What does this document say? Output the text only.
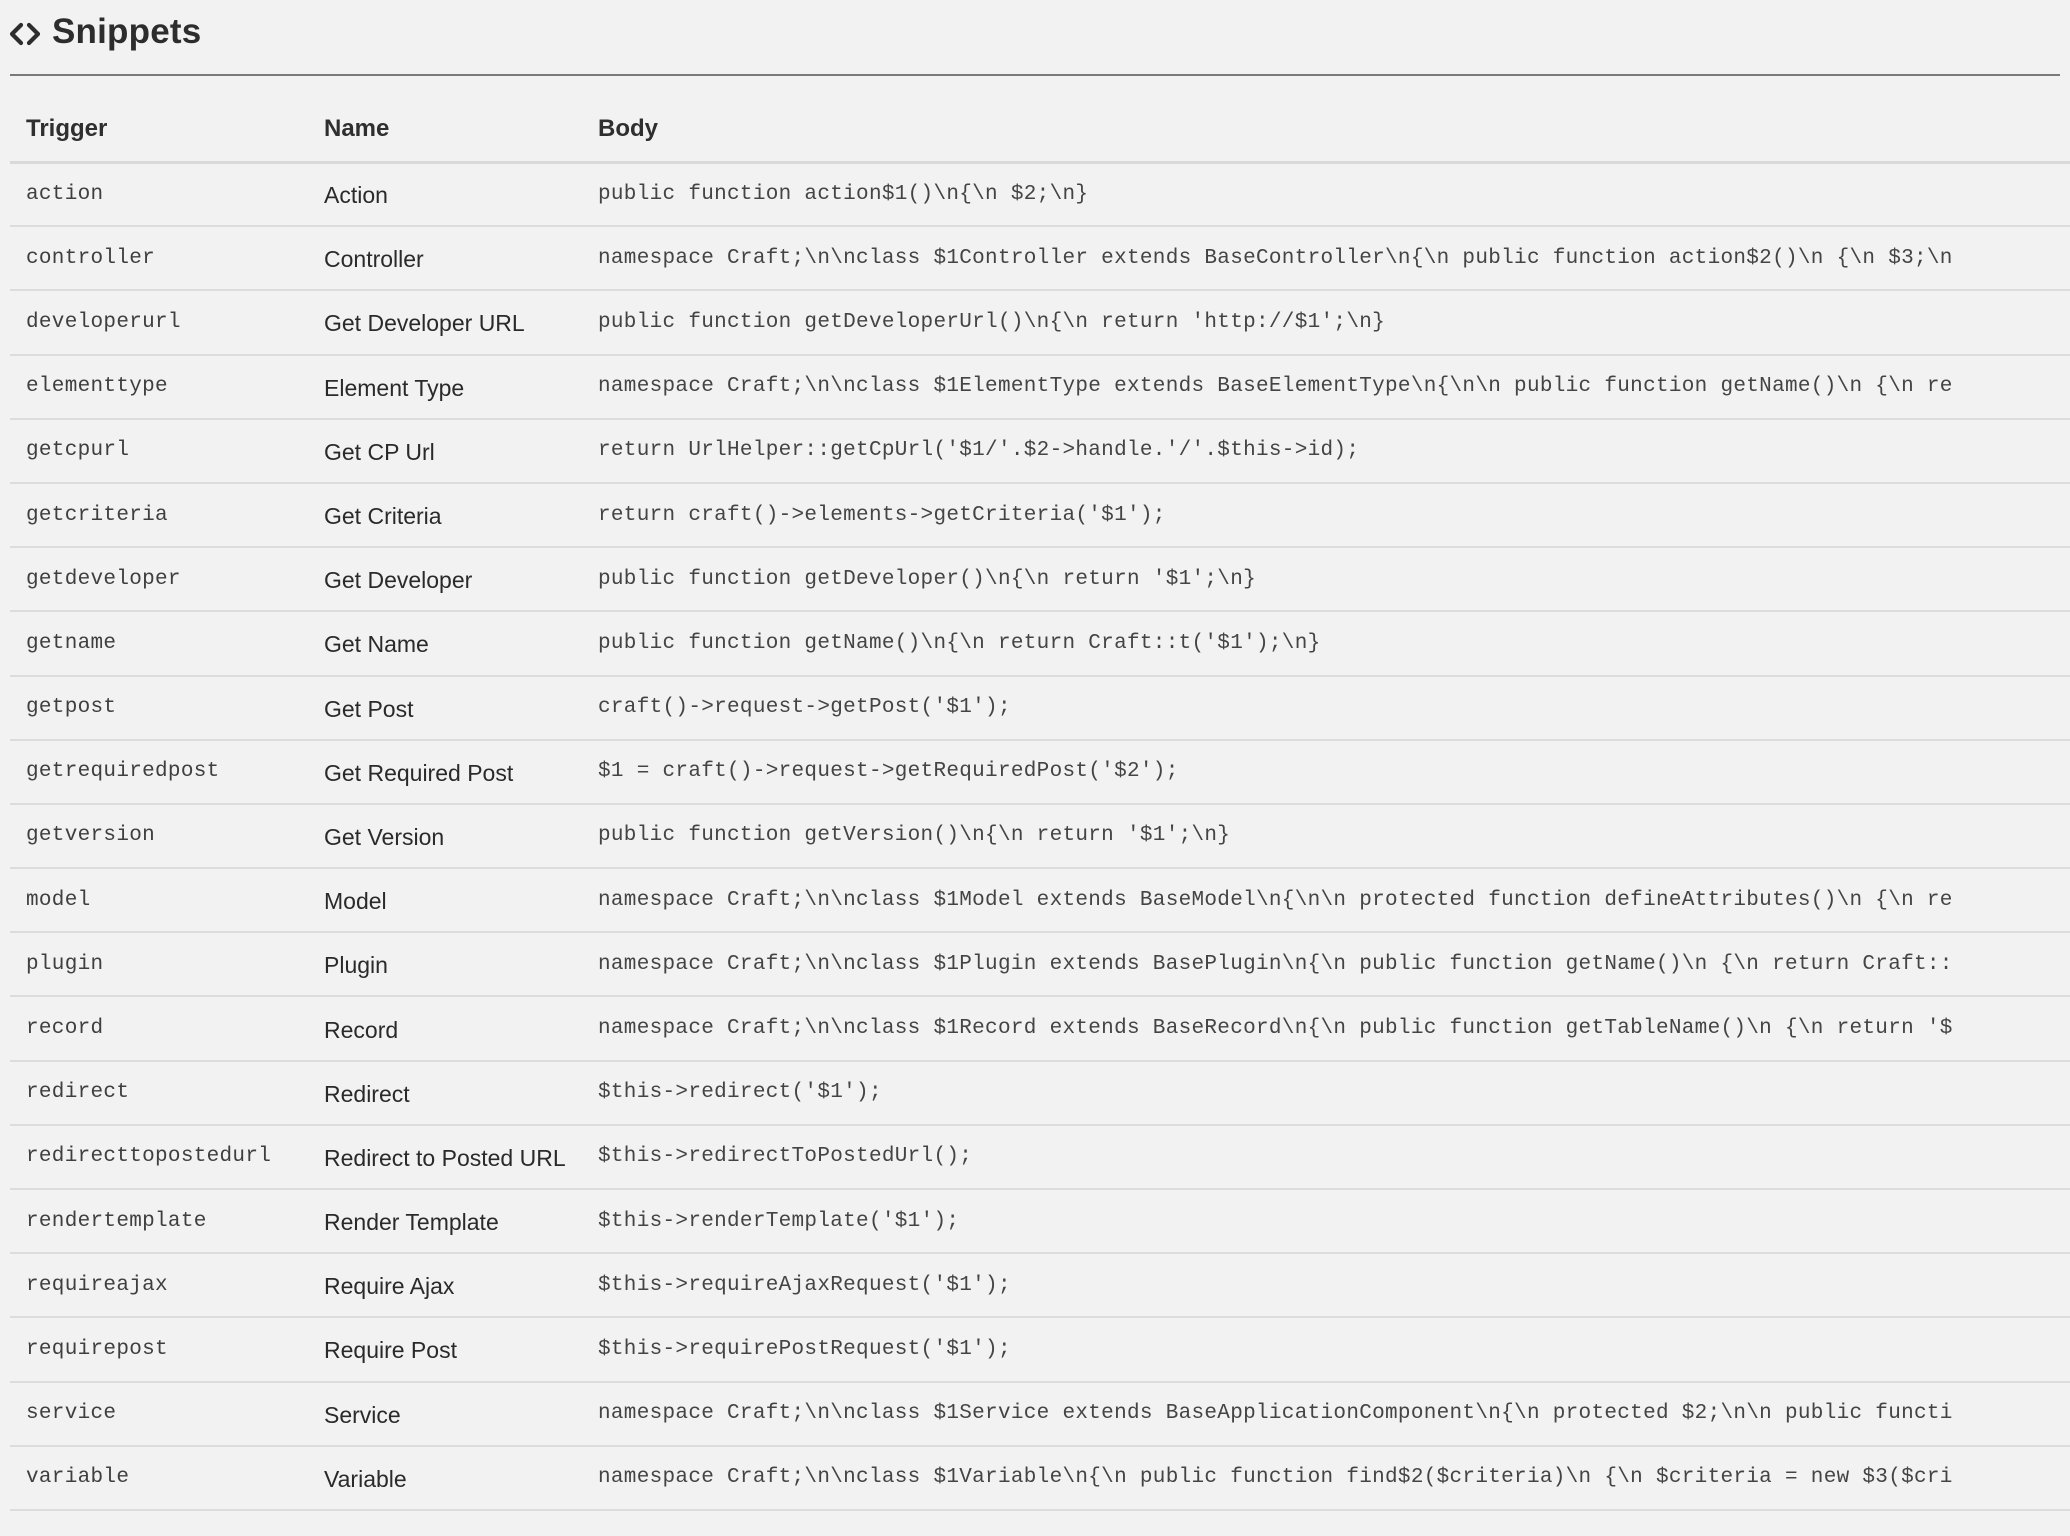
Snippets
Trigger	Name	Body
action	Action	public function action$1()\n{\n $2;\n}
controller	Controller	namespace Craft;\n\nclass $1Controller extends BaseController\n{\n public function action$2()\n {\n $3;\n
developerurl	Get Developer URL	public function getDeveloperUrl()\n{\n return 'http://$1';\n}
elementtype	Element Type	namespace Craft;\n\nclass $1ElementType extends BaseElementType\n{\n\n public function getName()\n {\n re
getcpurl	Get CP Url	return UrlHelper::getCpUrl('$1/'.$2->handle.'/'.$this->id);
getcriteria	Get Criteria	return craft()->elements->getCriteria('$1');
getdeveloper	Get Developer	public function getDeveloper()\n{\n return '$1';\n}
getname	Get Name	public function getName()\n{\n return Craft::t('$1');\n}
getpost	Get Post	craft()->request->getPost('$1');
getrequiredpost	Get Required Post	$1 = craft()->request->getRequiredPost('$2');
getversion	Get Version	public function getVersion()\n{\n return '$1';\n}
model	Model	namespace Craft;\n\nclass $1Model extends BaseModel\n{\n\n protected function defineAttributes()\n {\n re
plugin	Plugin	namespace Craft;\n\nclass $1Plugin extends BasePlugin\n{\n public function getName()\n {\n return Craft::
record	Record	namespace Craft;\n\nclass $1Record extends BaseRecord\n{\n public function getTableName()\n {\n return '$
redirect	Redirect	$this->redirect('$1');
redirecttopostedurl	Redirect to Posted URL	$this->redirectToPostedUrl();
rendertemplate	Render Template	$this->renderTemplate('$1');
requireajax	Require Ajax	$this->requireAjaxRequest('$1');
requirepost	Require Post	$this->requirePostRequest('$1');
service	Service	namespace Craft;\n\nclass $1Service extends BaseApplicationComponent\n{\n protected $2;\n\n public functi
variable	Variable	namespace Craft;\n\nclass $1Variable\n{\n public function find$2($criteria)\n {\n $criteria = new $3($cri
